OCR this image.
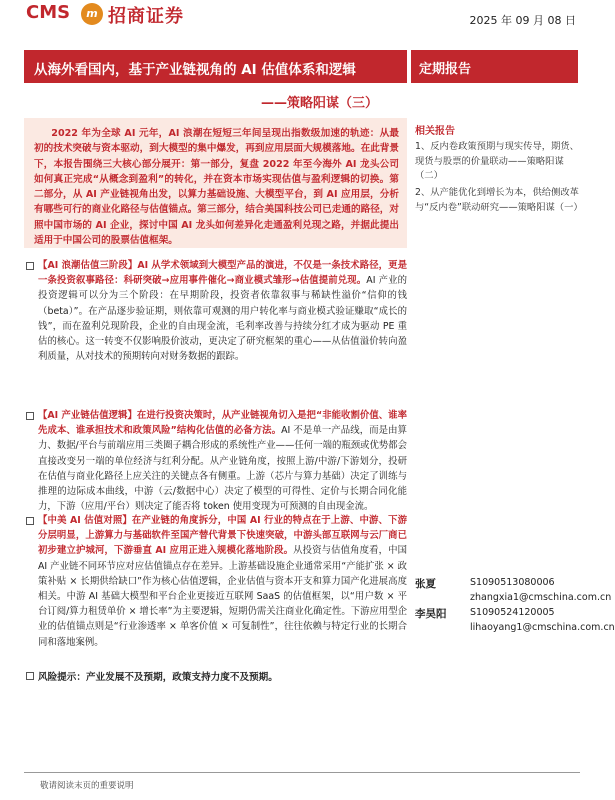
CMS	m 招商证券	2025 年 09 月 08 日
从海外看国内，基于产业链视角的 AI 估值体系和逻辑
——策略阳谋（三）
定期报告

2022 年为全球 AI 元年，AI 浪潮在短短三年间呈现出指数级加速的轨迹：从最初的技术突破与资本驱动，到大模型的集中爆发，再到应用层面大规模落地。在此背景下，本报告围绕三大核心部分展开：第一部分，复盘 2022 年至今海外 AI 龙头公司如何真正完成“从概念到盈利”的转化，并在资本市场实现估值与盈利逻辑的切换。第二部分，从 AI 产业链视角出发，以算力基础设施、大模型平台，到 AI 应用层，分析有哪些可行的商业化路径与估值锚点。第三部分，结合美国科技公司已走通的路径，对照中国市场的 AI 企业，探讨中国 AI 龙头如何差异化走通盈利兑现之路，并据此提出适用于中国公司的股票估值框架。

【AI 浪潮估值三阶段】AI 从学术领域到大模型产品的演进，不仅是一条技术路径，更是一条投资叙事路径：科研突破→应用事件催化→商业模式雏形→估值提前兑现。AI 产业的投资逻辑可以分为三个阶段：在早期阶段，投资者依靠叙事与稀缺性溢价“信仰的钱（beta）”。在产品逐步验证期，则依靠可观测的用户转化率与商业模式验证赚取“成长的钱”，而在盈利兑现阶段，企业的自由现金流，毛利率改善与持续分红才成为驱动 PE 重估的核心。这一转变不仅影响股价波动，更决定了研究框架的重心——从估值溢价转向盈利质量，从对技术的预期转向对财务数据的跟踪。

【AI 产业链估值逻辑】在进行投资决策时，从产业链视角切入是把“非能收割价值、谁率先成本、谁承担技术和政策风险”结构化估值的必备方法。AI 不是单一产品线，而是由算力、数据/平台与前端应用三类圈子耦合形成的系统性产业——任何一端的瓶颈或优势都会直接改变另一端的单位经济与红利分配。从产业链角度，按照上游/中游/下游划分，投研在估值与商业化路径上应关注的关键点各有侧重。上游（芯片与算力基础）决定了训练与推理的边际成本曲线，中游（云/数据中心）决定了模型的可得性、定价与长期合同化能力，下游（应用/平台）则决定了能否将 token 使用变现为可预测的自由现金流。

【中美 AI 估值对照】在产业链的角度拆分，中国 AI 行业的特点在于上游、中游、下游分层明显，上游算力与基础软件至国产替代背景下快速突破，中游头部互联网与云厂商已初步建立护城河，下游垂直 AI 应用正进入规模化落地阶段。从投资与估值角度看，中国 AI 产业链不同环节应对应估值锚点存在差异。上游基础设施企业通常采用“产能扩张 × 政策补贴 × 长期供给缺口”作为核心估值逻辑，企业估值与资本开支和算力国产化进展高度相关。中游 AI 基础大模型和平台企业更接近互联网 SaaS 的估值框架，以“用户数 × 平台订阅/算力租赁单价 × 增长率”为主要逻辑，短期仍需关注商业化确定性。下游应用型企业的估值锚点则是“行业渗透率 × 单客价值 × 可复制性”，往往依赖与特定行业的长期合同和落地案例。

风险提示：产业发展不及预期，政策支持力度不及预期。
相关报告
1、反内卷政策预期与现实传导，期货、现货与股票的价量联动——策略阳谋（二）
2、从产能优化到增长为本，供给侧改革与“反内卷”联动研究——策略阳谋（一）
张夏	S1090513080006
zhangxia1@cmschina.com.cn
李昊阳 S1090524120005
lihaoyang1@cmschina.com.cn
敬请阅读末页的重要说明
